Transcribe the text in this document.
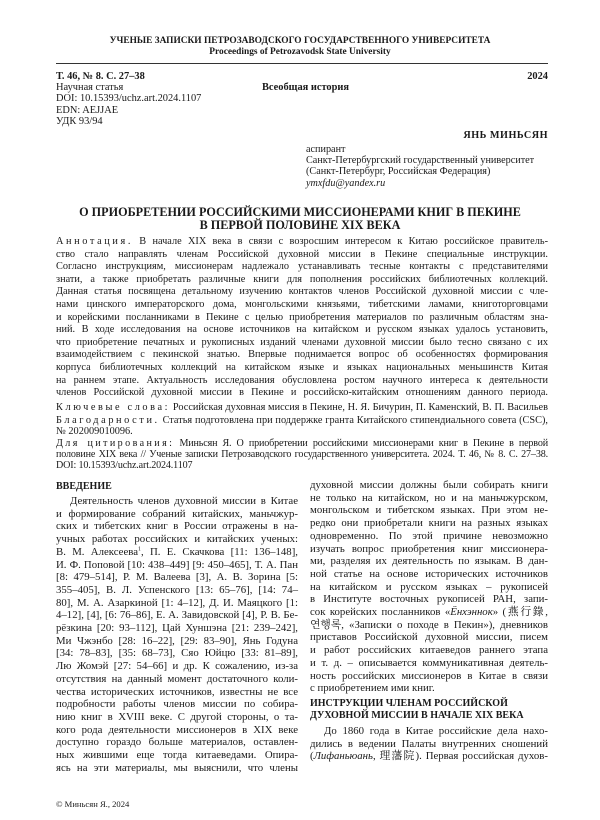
УЧЕНЫЕ ЗАПИСКИ ПЕТРОЗАВОДСКОГО ГОСУДАРСТВЕННОГО УНИВЕРСИТЕТА
Proceedings of Petrozavodsk State University
Т. 46, № 8. С. 27–38
Научная статья
DOI: 10.15393/uchz.art.2024.1107
EDN: AEJJAE
УДК 93/94
2024
Всеобщая история
ЯНЬ МИНЬСЯН
аспирант
Санкт-Петербургский государственный университет
(Санкт-Петербург, Российская Федерация)
ymxfdu@yandex.ru
О ПРИОБРЕТЕНИИ РОССИЙСКИМИ МИССИОНЕРАМИ КНИГ В ПЕКИНЕ
В ПЕРВОЙ ПОЛОВИНЕ XIX ВЕКА
Аннотация. В начале XIX века в связи с возросшим интересом к Китаю российское правитель-
ство стало направлять членам Российской духовной миссии в Пекине специальные инструкции.
Согласно инструкциям, миссионерам надлежало устанавливать тесные контакты с представителями
знати, а также приобретать различные книги для пополнения российских библиотечных коллекций.
Данная статья посвящена детальному изучению контактов членов Российской духовной миссии с чле-
нами цинского императорского дома, монгольскими князьями, тибетскими ламами, книготорговцами
и корейскими посланниками в Пекине с целью приобретения материалов по различным областям зна-
ний. В ходе исследования на основе источников на китайском и русском языках удалось установить,
что приобретение печатных и рукописных изданий членами духовной миссии было тесно связано с их
взаимодействием с пекинской знатью. Впервые поднимается вопрос об особенностях формирования
корпуса библиотечных коллекций на китайском языке и языках национальных меньшинств Китая
на раннем этапе. Актуальность исследования обусловлена ростом научного интереса к деятельности
членов Российской духовной миссии в Пекине и российско-китайским отношениям данного периода.
Ключевые слова: Российская духовная миссия в Пекине, Н. Я. Бичурин, П. Каменский, В. П. Васильев
Благодарности. Статья подготовлена при поддержке гранта Китайского стипендиального совета (CSC),
№ 202009010096.
Для цитирования: Миньсян Я. О приобретении российскими миссионерами книг в Пекине в первой
половине XIX века // Ученые записки Петрозаводского государственного университета. 2024. Т. 46, № 8. С. 27–38.
DOI: 10.15393/uchz.art.2024.1107
ВВЕДЕНИЕ
Деятельность членов духовной миссии в Китае
и формирование собраний китайских, маньчжур-
ских и тибетских книг в России отражены в на-
учных работах российских и китайских ученых:
В. М. Алексеева$^1$, П. Е. Скачкова [11: 136–148],
И. Ф. Поповой [10: 438–449] [9: 450–465], Т. А. Пан
[8: 479–514], Р. М. Валеева [3], А. В. Зорина [5:
355–405], В. Л. Успенского [13: 65–76], [14: 74–
80], М. А. Азаркиной [1: 4–12], Д. И. Маяцкого [1:
4–12], [4], [6: 76–86], Е. А. Завидовской [4], Р. В. Бе-
рёзкина [20: 93–112], Цай Хуншэна [21: 239–242],
Ми Чжэнбо [28: 16–22], [29: 83–90], Янь Годуна
[34: 78–83], [35: 68–73], Сяо Юйцю [33: 81–89],
Лю Жомэй [27: 54–66] и др. К сожалению, из-за
отсутствия на данный момент достаточного коли-
чества исторических источников, известны не все
подробности работы членов миссии по собира-
нию книг в XVIII веке. С другой стороны, о та-
кого рода деятельности миссионеров в XIX веке
доступно гораздо больше материалов, оставлен-
ных жившими еще тогда китаеведами. Опира-
ясь на эти материалы, мы выяснили, что члены
духовной миссии должны были собирать книги
не только на китайском, но и на маньчжурском,
монгольском и тибетском языках. При этом не-
редко они приобретали книги на разных языках
одновременно. По этой причине невозможно
изучать вопрос приобретения книг миссионера-
ми, разделяя их деятельность по языкам. В дан-
ной статье на основе исторических источников
на китайском и русском языках – рукописей
в Институте восточных рукописей РАН, запи-
сок корейских посланников «Ёнхэннок» (燕行錄,
연행록, «Записки о походе в Пекин»), дневников
приставов Российской духовной миссии, писем
и работ российских китаеведов раннего этапа
и т. д. – описывается коммуникативная деятель-
ность российских миссионеров в Китае в связи
с приобретением ими книг.
ИНСТРУКЦИИ ЧЛЕНАМ РОССИЙСКОЙ
ДУХОВНОЙ МИССИИ В НАЧАЛЕ XIX ВЕКА
До 1860 года в Китае российские дела нахо-
дились в ведении Палаты внутренних сношений
(Лифаньюань, 理藩院). Первая российская духов-
© Миньсян Я., 2024
